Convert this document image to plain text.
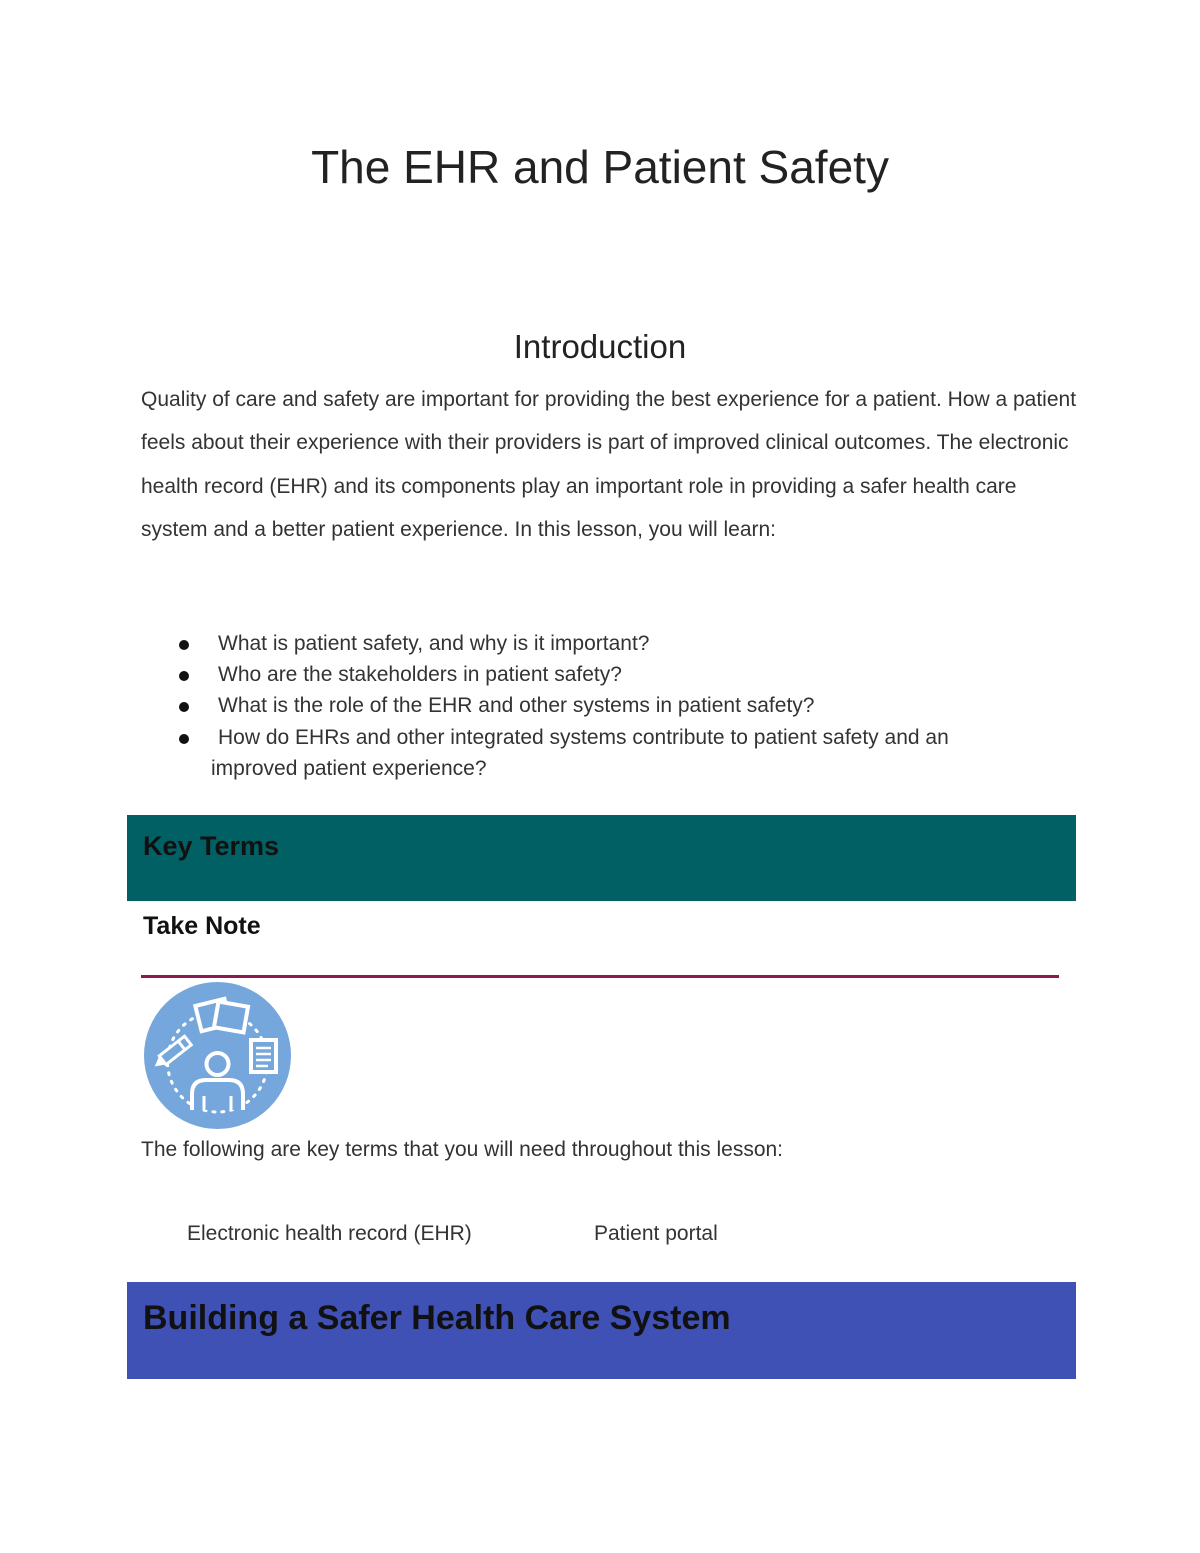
The EHR and Patient Safety
Introduction

Quality of care and safety are important for providing the best experience for a patient. How a patient feels about their experience with their providers is part of improved clinical outcomes. The electronic health record (EHR) and its components play an important role in providing a safer health care system and a better patient experience. In this lesson, you will learn:

What is patient safety, and why is it important?
Who are the stakeholders in patient safety?
What is the role of the EHR and other systems in patient safety?
How do EHRs and other integrated systems contribute to patient safety and an
improved patient experience?
Key Terms
Take Note

The following are key terms that you will need throughout this lesson:

Electronic health record (EHR)	Patient portal
Building a Safer Health Care System
